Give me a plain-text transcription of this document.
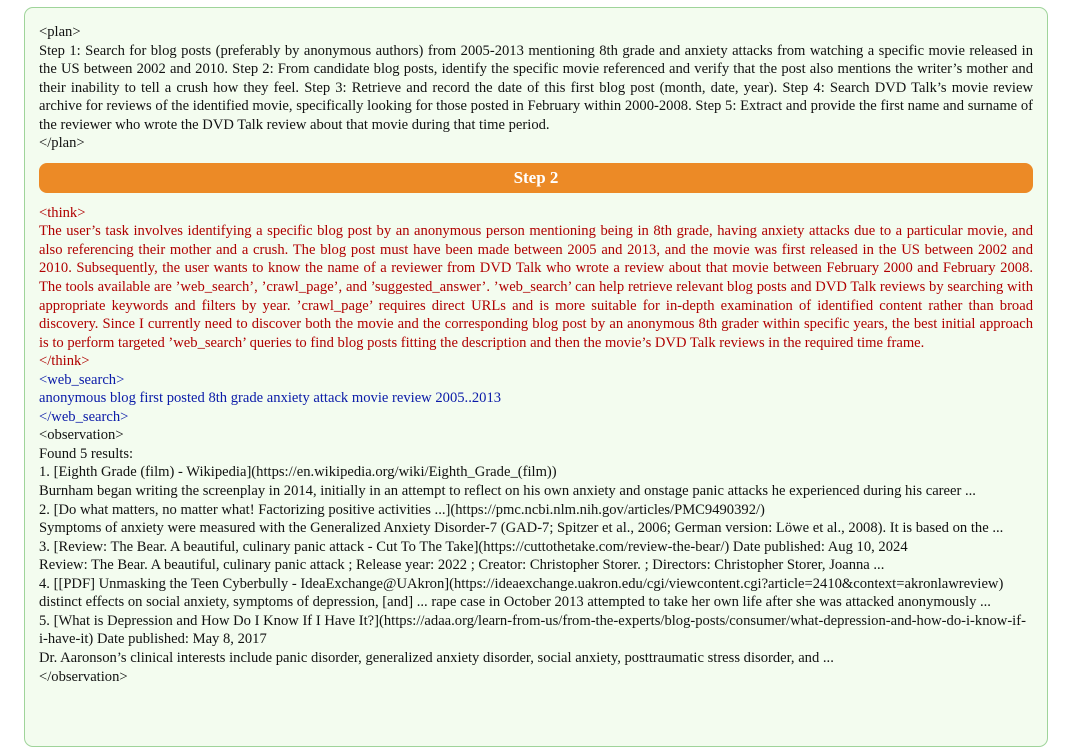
<plan>
Step 1: Search for blog posts (preferably by anonymous authors) from 2005-2013 mentioning 8th grade and anxiety attacks from watching a specific movie released in the US between 2002 and 2010. Step 2: From candidate blog posts, identify the specific movie referenced and verify that the post also mentions the writer’s mother and their inability to tell a crush how they feel. Step 3: Retrieve and record the date of this first blog post (month, date, year). Step 4: Search DVD Talk’s movie review archive for reviews of the identified movie, specifically looking for those posted in February within 2000-2008. Step 5: Extract and provide the first name and surname of the reviewer who wrote the DVD Talk review about that movie during that time period.
</plan>
Step 2
<think>
The user’s task involves identifying a specific blog post by an anonymous person mentioning being in 8th grade, having anxiety attacks due to a particular movie, and also referencing their mother and a crush. The blog post must have been made between 2005 and 2013, and the movie was first released in the US between 2002 and 2010. Subsequently, the user wants to know the name of a reviewer from DVD Talk who wrote a review about that movie between February 2000 and February 2008. The tools available are ’web_search’, ’crawl_page’, and ’suggested_answer’. ’web_search’ can help retrieve relevant blog posts and DVD Talk reviews by searching with appropriate keywords and filters by year. ’crawl_page’ requires direct URLs and is more suitable for in-depth examination of identified content rather than broad discovery. Since I currently need to discover both the movie and the corresponding blog post by an anonymous 8th grader within specific years, the best initial approach is to perform targeted ’web_search’ queries to find blog posts fitting the description and then the movie’s DVD Talk reviews in the required time frame.
</think>
<web_search>
anonymous blog first posted 8th grade anxiety attack movie review 2005..2013
</web_search>
<observation>
Found 5 results:
1. [Eighth Grade (film) - Wikipedia](https://en.wikipedia.org/wiki/Eighth_Grade_(film))
Burnham began writing the screenplay in 2014, initially in an attempt to reflect on his own anxiety and onstage panic attacks he experienced during his career ...
2. [Do what matters, no matter what! Factorizing positive activities ...](https://pmc.ncbi.nlm.nih.gov/articles/PMC9490392/)
Symptoms of anxiety were measured with the Generalized Anxiety Disorder-7 (GAD-7; Spitzer et al., 2006; German version: Löwe et al., 2008). It is based on the ...
3. [Review: The Bear. A beautiful, culinary panic attack - Cut To The Take](https://cuttothetake.com/review-the-bear/) Date published: Aug 10, 2024
Review: The Bear. A beautiful, culinary panic attack ; Release year: 2022 ; Creator: Christopher Storer. ; Directors: Christopher Storer, Joanna ...
4. [[PDF] Unmasking the Teen Cyberbully - IdeaExchange@UAkron](https://ideaexchange.uakron.edu/cgi/viewcontent.cgi?article=2410&context=akronlawreview)
distinct effects on social anxiety, symptoms of depression, [and] ... rape case in October 2013 attempted to take her own life after she was attacked anonymously ...
5. [What is Depression and How Do I Know If I Have It?](https://adaa.org/learn-from-us/from-the-experts/blog-posts/consumer/what-depression-and-how-do-i-know-if-i-have-it) Date published: May 8, 2017
Dr. Aaronson’s clinical interests include panic disorder, generalized anxiety disorder, social anxiety, posttraumatic stress disorder, and ...
</observation>
